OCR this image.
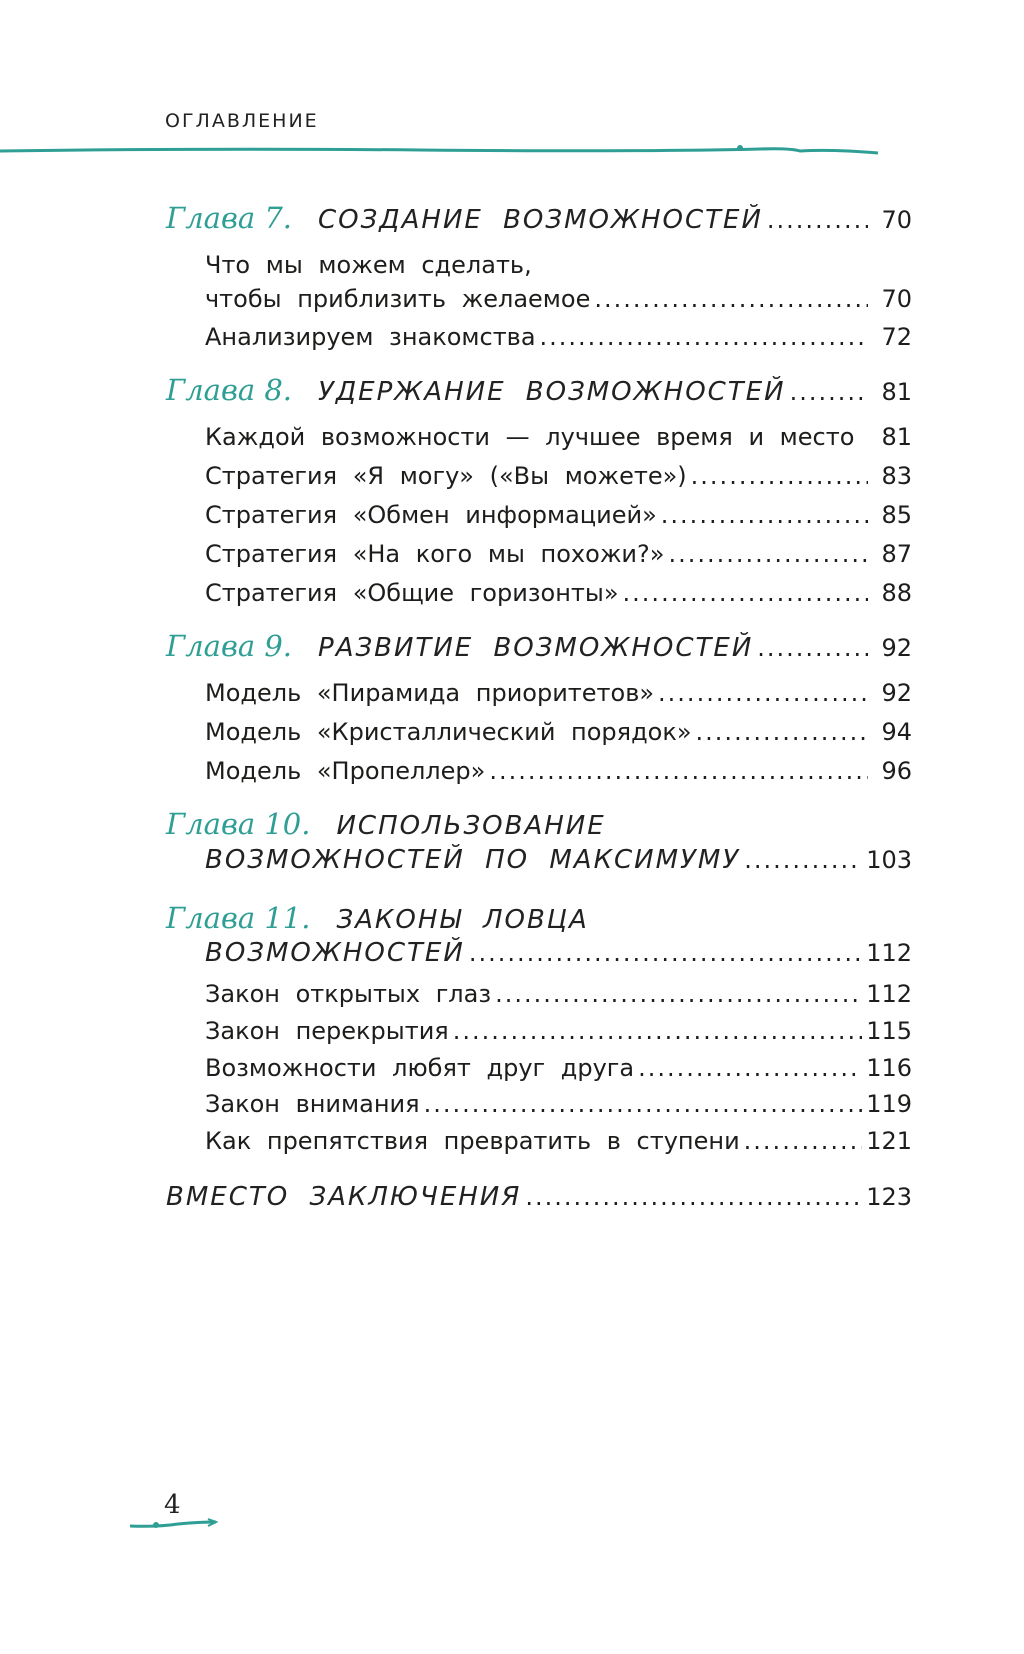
ОГЛАВЛЕНИЕ
Глава 7. СОЗДАНИЕ ВОЗМОЖНОСТЕЙ .....	70
Что мы можем сделать,
чтобы приблизить желаемое .....	70
Анализируем знакомства .....	72
Глава 8. УДЕРЖАНИЕ ВОЗМОЖНОСТЕЙ .....	81
Каждой возможности — лучшее время и место	81
Стратегия «Я могу» («Вы можете») .....	83
Стратегия «Обмен информацией» .....	85
Стратегия «На кого мы похожи?» .....	87
Стратегия «Общие горизонты» .....	88
Глава 9. РАЗВИТИЕ ВОЗМОЖНОСТЕЙ .....	92
Модель «Пирамида приоритетов» .....	92
Модель «Кристаллический порядок» .....	94
Модель «Пропеллер» .....	96
Глава 10. ИСПОЛЬЗОВАНИЕ
ВОЗМОЖНОСТЕЙ ПО МАКСИМУМУ .....	103
Глава 11. ЗАКОНЫ ЛОВЦА
ВОЗМОЖНОСТЕЙ .....	112
Закон открытых глаз .....	112
Закон перекрытия .....	115
Возможности любят друг друга .....	116
Закон внимания .....	119
Как препятствия превратить в ступени .....	121
ВМЕСТО ЗАКЛЮЧЕНИЯ .....	123
4
